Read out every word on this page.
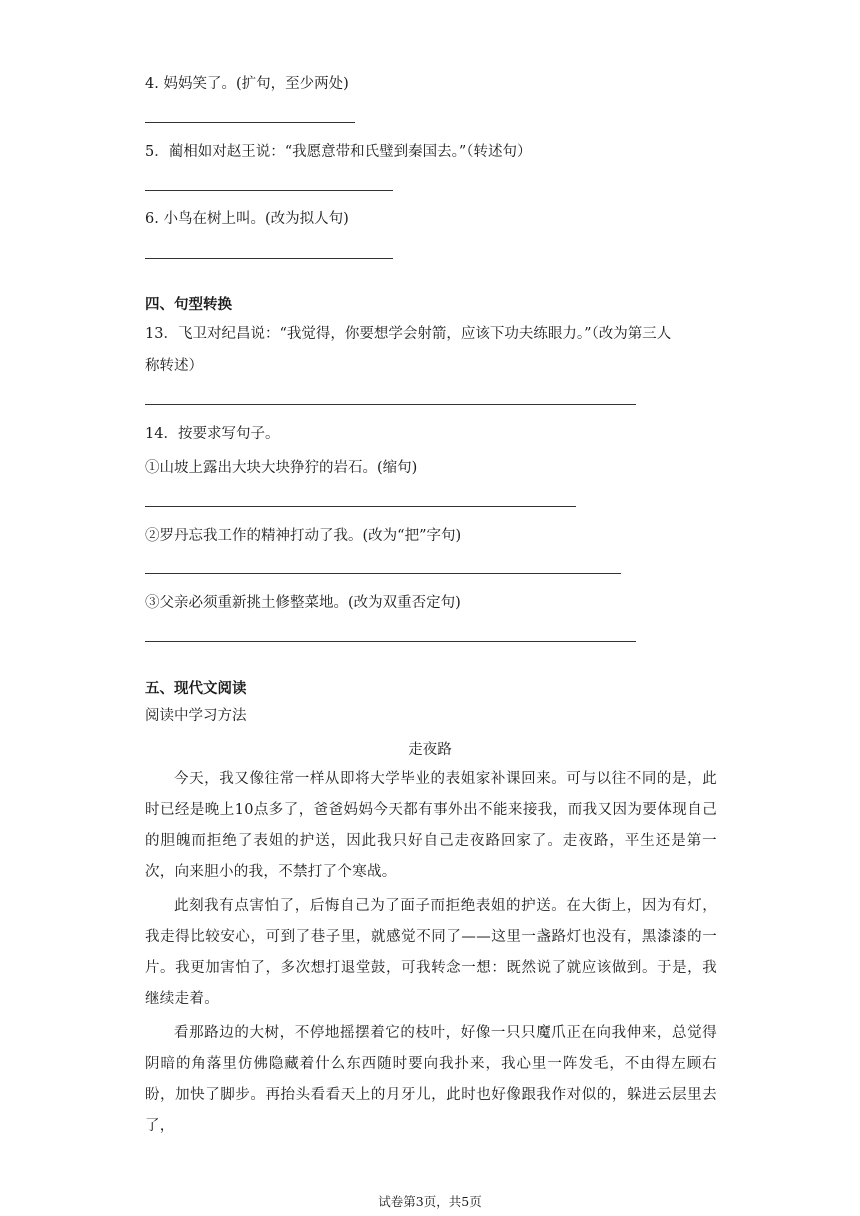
4. 妈妈笑了。(扩句，至少两处)
5．蔺相如对赵王说：“我愿意带和氏璧到秦国去。”（转述句）
6. 小鸟在树上叫。(改为拟人句)
四、句型转换
13．飞卫对纪昌说：“我觉得，你要想学会射箭，应该下功夫练眼力。”（改为第三人
称转述）
14．按要求写句子。
①山坡上露出大块大块狰狞的岩石。(缩句)
②罗丹忘我工作的精神打动了我。(改为“把”字句)
③父亲必须重新挑土修整菜地。(改为双重否定句)
五、现代文阅读
阅读中学习方法
走夜路
今天，我又像往常一样从即将大学毕业的表姐家补课回来。可与以往不同的是，此时已经是晚上10点多了，爸爸妈妈今天都有事外出不能来接我，而我又因为要体现自己的胆魄而拒绝了表姐的护送，因此我只好自己走夜路回家了。走夜路，平生还是第一次，向来胆小的我，不禁打了个寒战。
此刻我有点害怕了，后悔自己为了面子而拒绝表姐的护送。在大街上，因为有灯，我走得比较安心，可到了巷子里，就感觉不同了——这里一盏路灯也没有，黑漆漆的一片。我更加害怕了，多次想打退堂鼓，可我转念一想：既然说了就应该做到。于是，我继续走着。
看那路边的大树，不停地摇摆着它的枝叶，好像一只只魔爪正在向我伸来，总觉得阴暗的角落里仿佛隐藏着什么东西随时要向我扑来，我心里一阵发毛，不由得左顾右盼，加快了脚步。再抬头看看天上的月牙儿，此时也好像跟我作对似的，躲进云层里去了，
试卷第3页，共5页
